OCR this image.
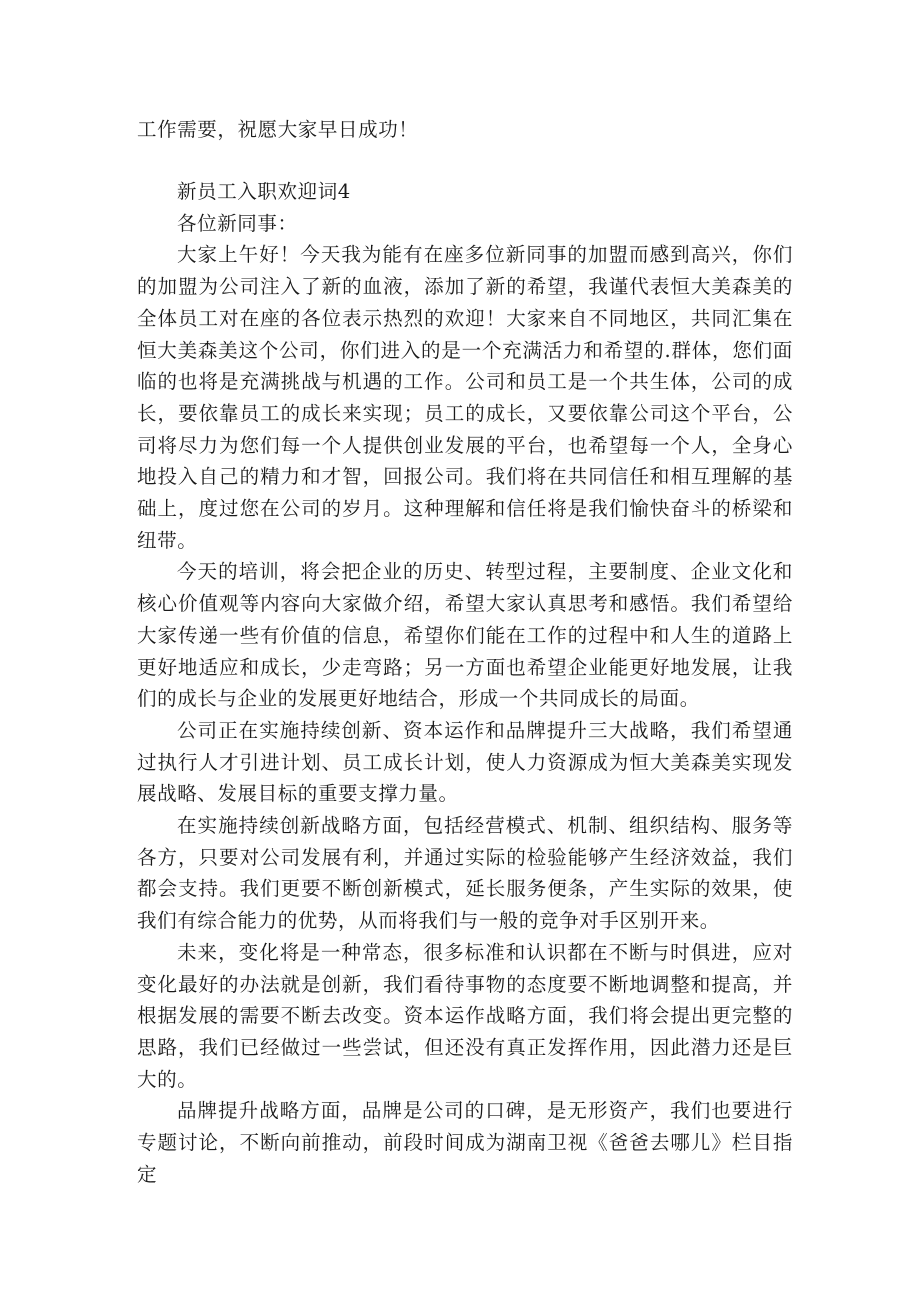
工作需要，祝愿大家早日成功！
新员工入职欢迎词4

各位新同事：

大家上午好！今天我为能有在座多位新同事的加盟而感到高兴，你们的加盟为公司注入了新的血液，添加了新的希望，我谨代表恒大美森美的全体员工对在座的各位表示热烈的欢迎！大家来自不同地区，共同汇集在恒大美森美这个公司，你们进入的是一个充满活力和希望的.群体，您们面临的也将是充满挑战与机遇的工作。公司和员工是一个共生体，公司的成长，要依靠员工的成长来实现；员工的成长，又要依靠公司这个平台，公司将尽力为您们每一个人提供创业发展的平台，也希望每一个人，全身心地投入自己的精力和才智，回报公司。我们将在共同信任和相互理解的基础上，度过您在公司的岁月。这种理解和信任将是我们愉快奋斗的桥梁和纽带。

今天的培训，将会把企业的历史、转型过程，主要制度、企业文化和核心价值观等内容向大家做介绍，希望大家认真思考和感悟。我们希望给大家传递一些有价值的信息，希望你们能在工作的过程中和人生的道路上更好地适应和成长，少走弯路；另一方面也希望企业能更好地发展，让我们的成长与企业的发展更好地结合，形成一个共同成长的局面。

公司正在实施持续创新、资本运作和品牌提升三大战略，我们希望通过执行人才引进计划、员工成长计划，使人力资源成为恒大美森美实现发展战略、发展目标的重要支撑力量。

在实施持续创新战略方面，包括经营模式、机制、组织结构、服务等各方，只要对公司发展有利，并通过实际的检验能够产生经济效益，我们都会支持。我们更要不断创新模式，延长服务便条，产生实际的效果，使我们有综合能力的优势，从而将我们与一般的竞争对手区别开来。

未来，变化将是一种常态，很多标准和认识都在不断与时俱进，应对变化最好的办法就是创新，我们看待事物的态度要不断地调整和提高，并根据发展的需要不断去改变。资本运作战略方面，我们将会提出更完整的思路，我们已经做过一些尝试，但还没有真正发挥作用，因此潜力还是巨大的。

品牌提升战略方面，品牌是公司的口碑，是无形资产，我们也要进行专题讨论，不断向前推动，前段时间成为湖南卫视《爸爸去哪儿》栏目指定
